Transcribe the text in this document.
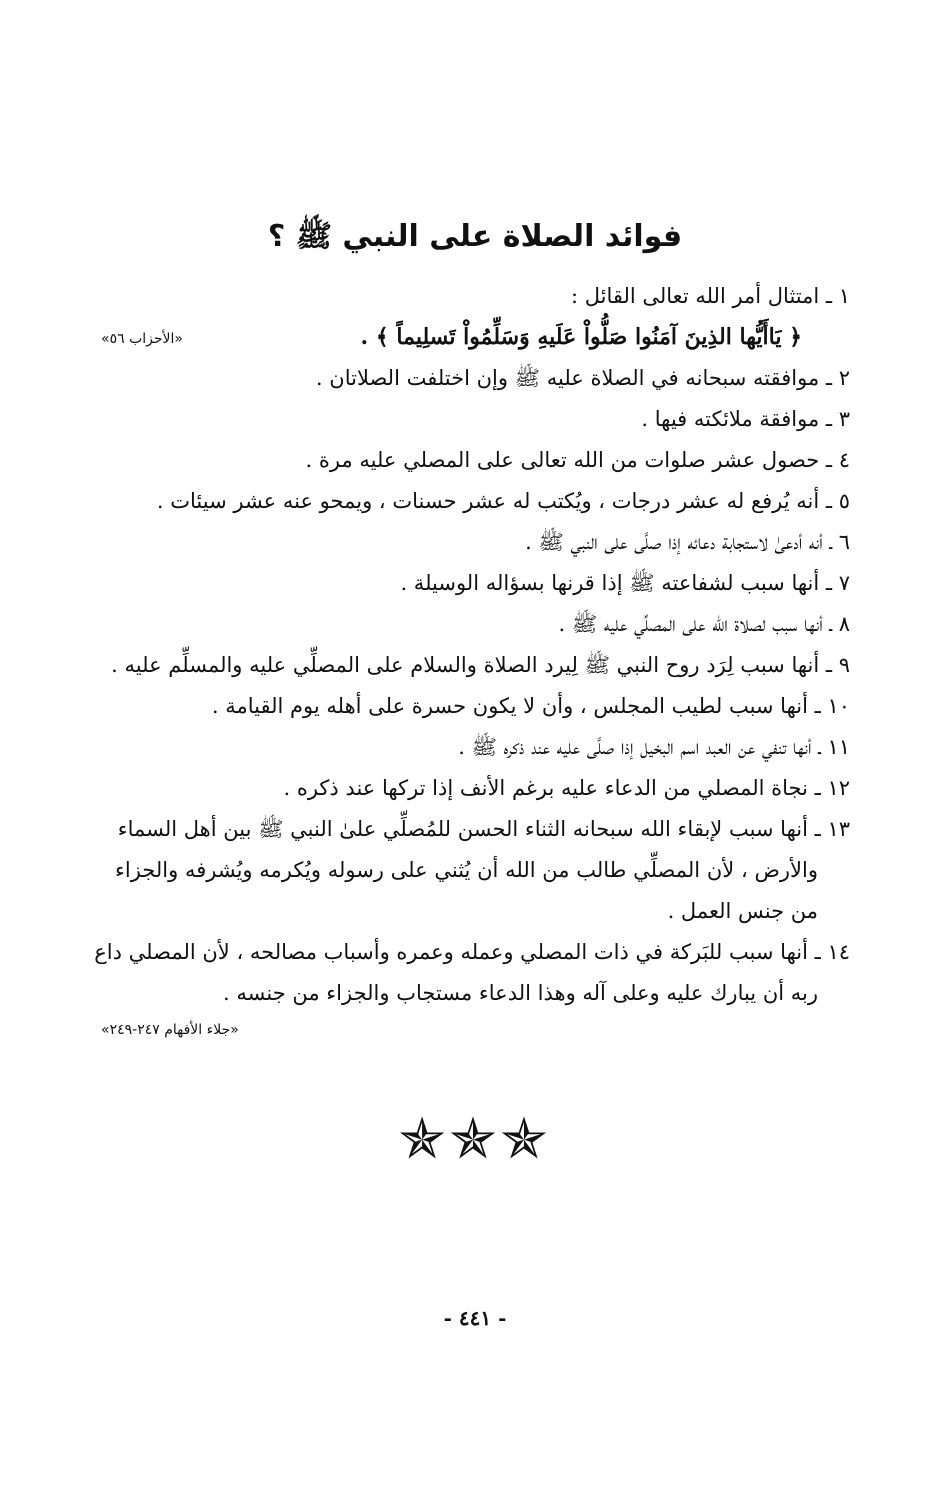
فوائد الصلاة على النبي ﷺ ؟
١ ـ امتثال أمر الله تعالى القائل :
﴿ يَاأَيُّها الذِينَ آمَنُوا صَلُّواْ عَلَيهِ وَسَلِّمُواْ تَسلِيماً ﴾ .
«الأحزاب ٥٦»
٢ ـ موافقته سبحانه في الصلاة عليه ﷺ وإن اختلفت الصلاتان .
٣ ـ موافقة ملائكته فيها .
٤ ـ حصول عشر صلوات من الله تعالى على المصلي عليه مرة .
٥ ـ أنه يُرفع له عشر درجات ، ويُكتب له عشر حسنات ، ويمحو عنه عشر سيئات .
٦ ـ أنه أدعىٰ لاستجابة دعائه إذا صلَّى على النبي ﷺ .
٧ ـ أنها سبب لشفاعته ﷺ إذا قرنها بسؤاله الوسيلة .
٨ ـ أنها سبب لصلاة الله على المصلِّي عليه ﷺ .
٩ ـ أنها سبب لِرَد روح النبي ﷺ لِيرد الصلاة والسلام على المصلِّي عليه والمسلِّم عليه .
١٠ ـ أنها سبب لطيب المجلس ، وأن لا يكون حسرة على أهله يوم القيامة .
١١ ـ أنها تنفي عن العبد اسم البخيل إذا صلَّى عليه عند ذكره ﷺ .
١٢ ـ نجاة المصلي من الدعاء عليه برغم الأنف إذا تركها عند ذكره .
١٣ ـ أنها سبب لإبقاء الله سبحانه الثناء الحسن للمُصلِّي علىٰ النبي ﷺ بين أهل السماء
والأرض ، لأن المصلِّي طالب من الله أن يُثني على رسوله ويُكرمه ويُشرفه والجزاء من جنس العمل .
١٤ ـ أنها سبب للبَركة في ذات المصلي وعمله وعمره وأسباب مصالحه ، لأن المصلي داع
ربه أن يبارك عليه وعلى آله وهذا الدعاء مستجاب والجزاء من جنسه .
«جلاء الأفهام ٢٤٧-٢٤٩»
✯✯✯
- ٤٤١ -
